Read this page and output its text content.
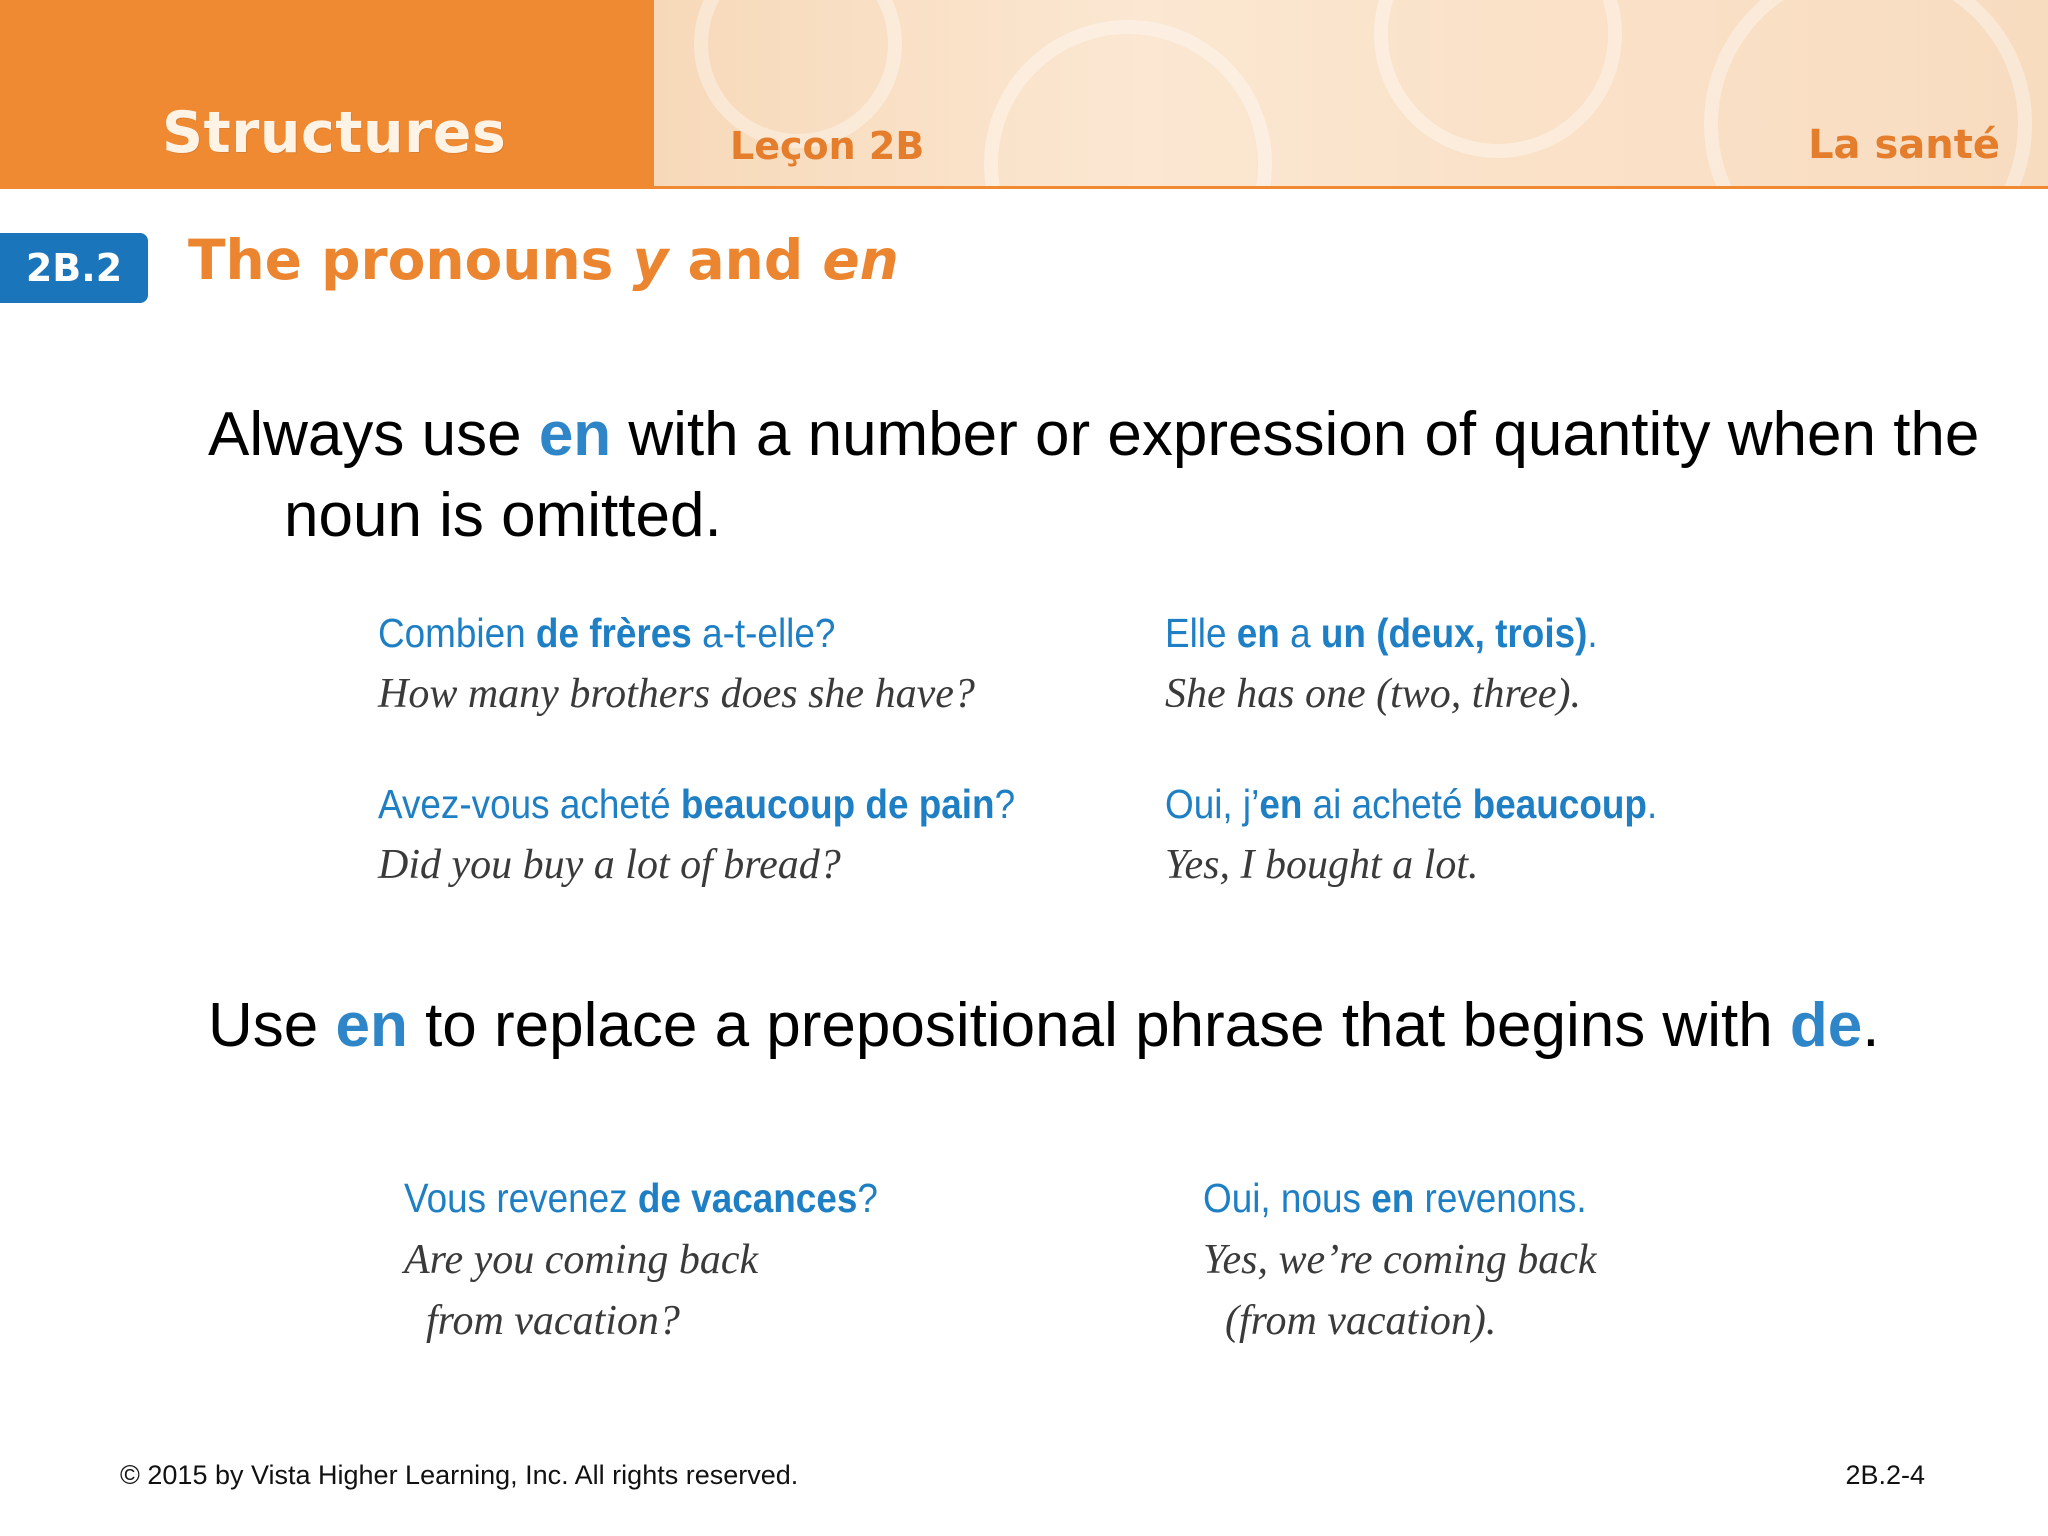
Structures	Leçon 2B	La santé
2B.2	The pronouns y and en
Always use en with a number or expression of quantity when the noun is omitted.
Combien de frères a-t-elle?
How many brothers does she have?
Elle en a un (deux, trois).
She has one (two, three).
Avez-vous acheté beaucoup de pain?
Did you buy a lot of bread?
Oui, j’en ai acheté beaucoup.
Yes, I bought a lot.
Use en to replace a prepositional phrase that begins with de.
Vous revenez de vacances?
Are you coming back
from vacation?
Oui, nous en revenons.
Yes, we’re coming back
(from vacation).
© 2015 by Vista Higher Learning, Inc. All rights reserved.	2B.2-4
